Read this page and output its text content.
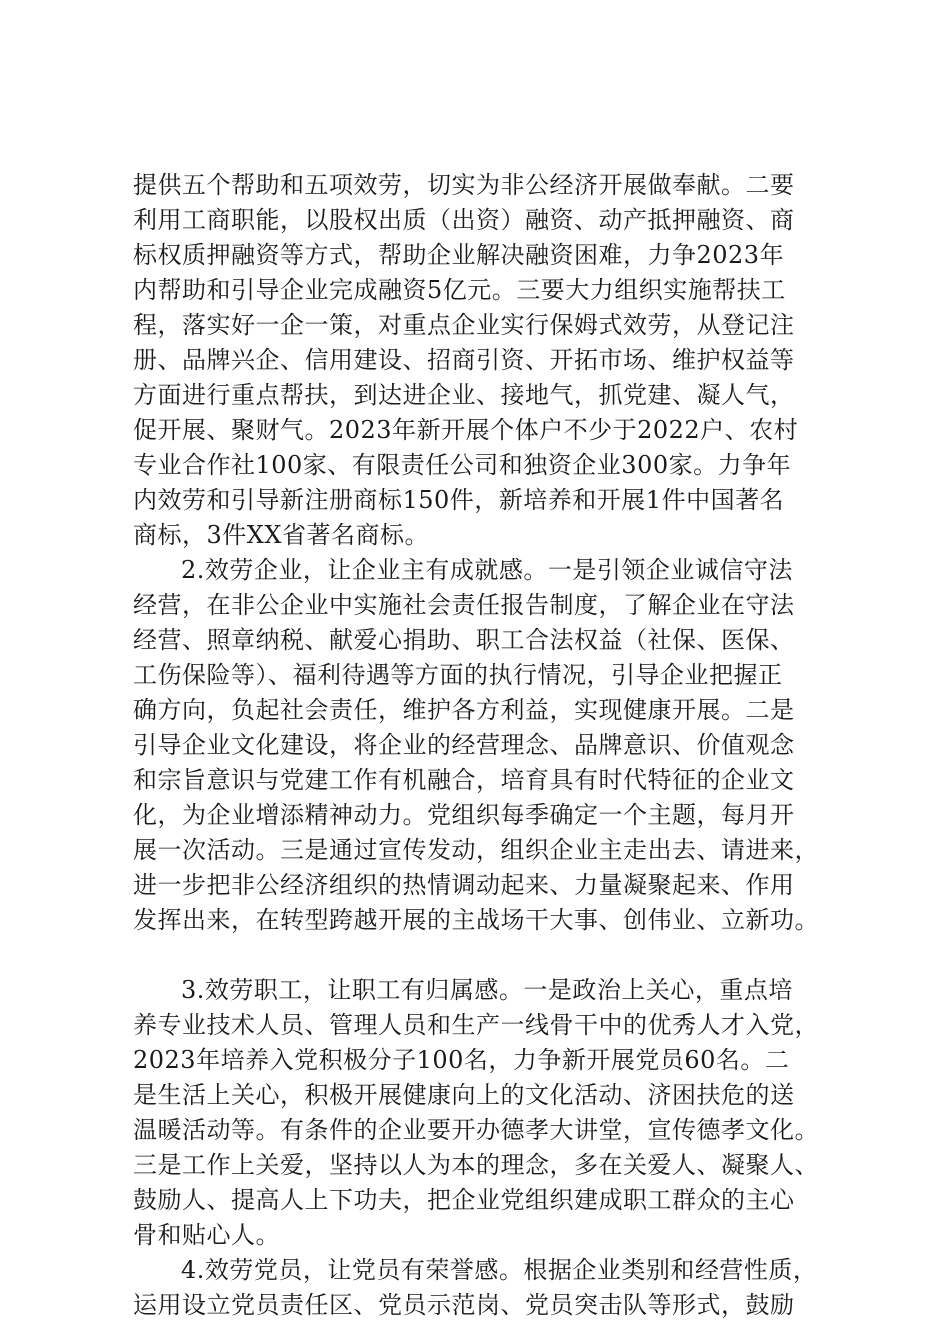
提供五个帮助和五项效劳，切实为非公经济开展做奉献。二要
利用工商职能，以股权出质（出资）融资、动产抵押融资、商
标权质押融资等方式，帮助企业解决融资困难，力争2023年
内帮助和引导企业完成融资5亿元。三要大力组织实施帮扶工
程，落实好一企一策，对重点企业实行保姆式效劳，从登记注
册、品牌兴企、信用建设、招商引资、开拓市场、维护权益等
方面进行重点帮扶，到达进企业、接地气，抓党建、凝人气，
促开展、聚财气。2023年新开展个体户不少于2022户、农村
专业合作社100家、有限责任公司和独资企业300家。力争年
内效劳和引导新注册商标150件，新培养和开展1件中国著名
商标，3件XX省著名商标。
2.效劳企业，让企业主有成就感。一是引领企业诚信守法
经营，在非公企业中实施社会责任报告制度，了解企业在守法
经营、照章纳税、献爱心捐助、职工合法权益（社保、医保、
工伤保险等）、福利待遇等方面的执行情况，引导企业把握正
确方向，负起社会责任，维护各方利益，实现健康开展。二是
引导企业文化建设，将企业的经营理念、品牌意识、价值观念
和宗旨意识与党建工作有机融合，培育具有时代特征的企业文
化，为企业增添精神动力。党组织每季确定一个主题，每月开
展一次活动。三是通过宣传发动，组织企业主走出去、请进来，
进一步把非公经济组织的热情调动起来、力量凝聚起来、作用
发挥出来，在转型跨越开展的主战场干大事、创伟业、立新功。
3.效劳职工，让职工有归属感。一是政治上关心，重点培
养专业技术人员、管理人员和生产一线骨干中的优秀人才入党，
2023年培养入党积极分子100名，力争新开展党员60名。二
是生活上关心，积极开展健康向上的文化活动、济困扶危的送
温暖活动等。有条件的企业要开办德孝大讲堂，宣传德孝文化。
三是工作上关爱，坚持以人为本的理念，多在关爱人、凝聚人、
鼓励人、提高人上下功夫，把企业党组织建成职工群众的主心
骨和贴心人。
4.效劳党员，让党员有荣誉感。根据企业类别和经营性质，
运用设立党员责任区、党员示范岗、党员突击队等形式，鼓励
